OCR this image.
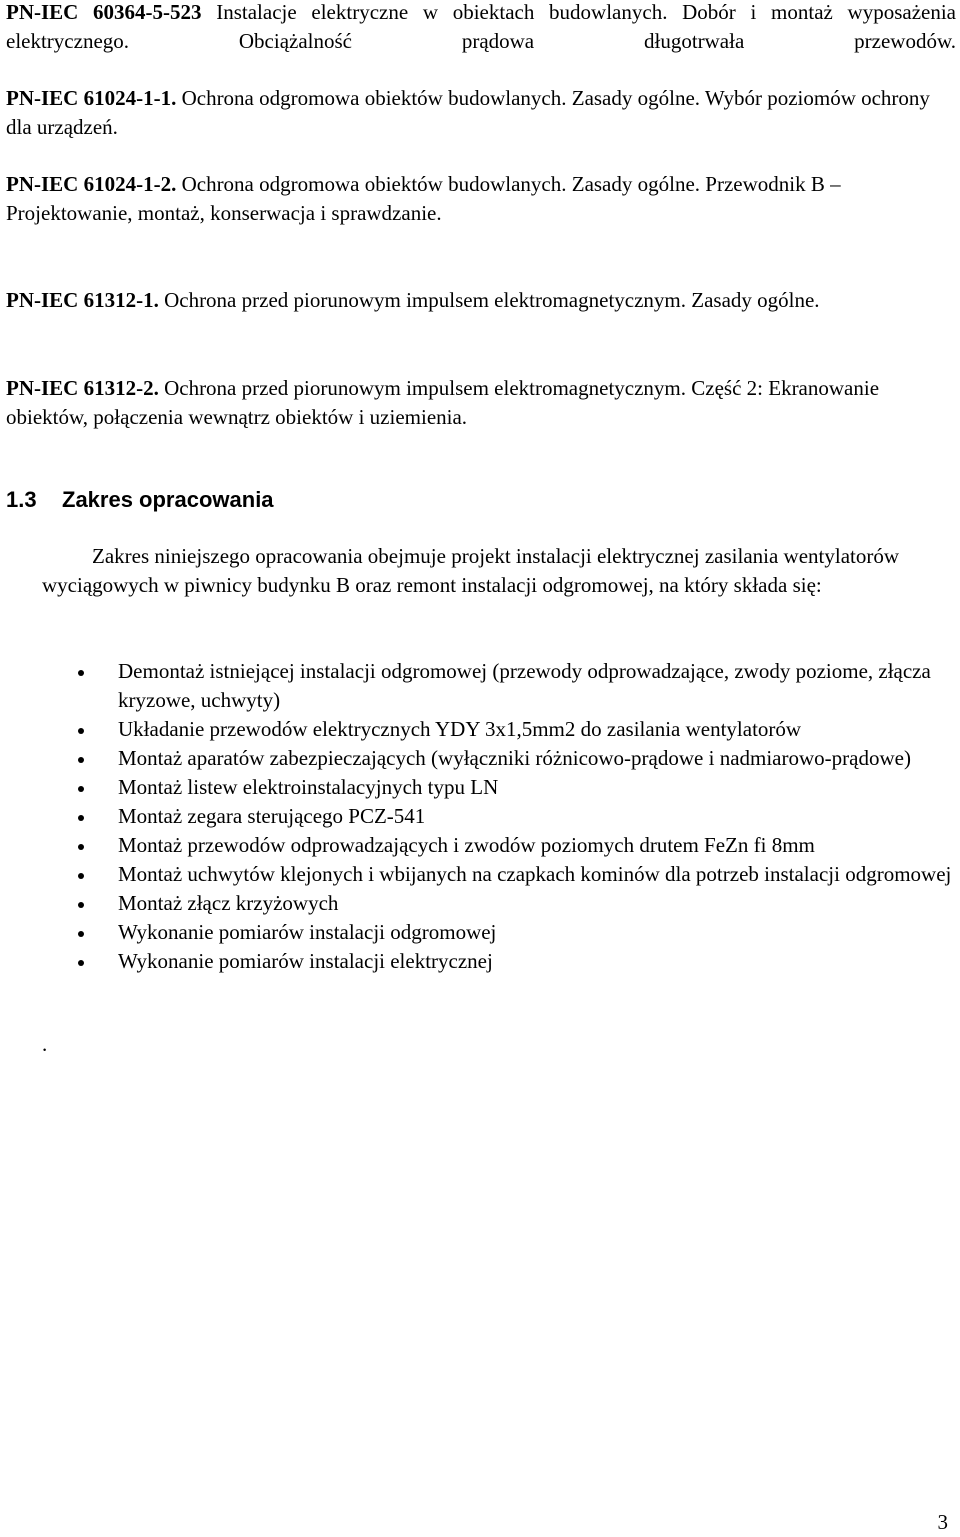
PN-IEC 60364-5-523 Instalacje elektryczne w obiektach budowlanych. Dobór i montaż wyposażenia elektrycznego. Obciążalność prądowa długotrwała przewodów.

PN-IEC 61024-1-1. Ochrona odgromowa obiektów budowlanych. Zasady ogólne. Wybór poziomów ochrony dla urządzeń.

PN-IEC 61024-1-2. Ochrona odgromowa obiektów budowlanych. Zasady ogólne. Przewodnik B – Projektowanie, montaż, konserwacja i sprawdzanie.

PN-IEC 61312-1. Ochrona przed piorunowym impulsem elektromagnetycznym. Zasady ogólne.

PN-IEC 61312-2. Ochrona przed piorunowym impulsem elektromagnetycznym. Część 2: Ekranowanie obiektów, połączenia wewnątrz obiektów i uziemienia.

1.3 Zakres opracowania

Zakres niniejszego opracowania obejmuje projekt instalacji elektrycznej zasilania wentylatorów wyciągowych w piwnicy budynku B oraz remont instalacji odgromowej, na który składa się:

Demontaż istniejącej instalacji odgromowej (przewody odprowadzające, zwody poziome, złącza kryzowe, uchwyty)
Układanie przewodów elektrycznych YDY 3x1,5mm2 do zasilania wentylatorów
Montaż aparatów zabezpieczających (wyłączniki różnicowo-prądowe i nadmiarowo-prądowe)
Montaż listew elektroinstalacyjnych typu LN
Montaż zegara sterującego PCZ-541
Montaż przewodów odprowadzających i zwodów poziomych drutem FeZn fi 8mm
Montaż uchwytów klejonych i wbijanych na czapkach kominów dla potrzeb instalacji odgromowej
Montaż złącz krzyżowych
Wykonanie pomiarów instalacji odgromowej
Wykonanie pomiarów instalacji elektrycznej
.
3
